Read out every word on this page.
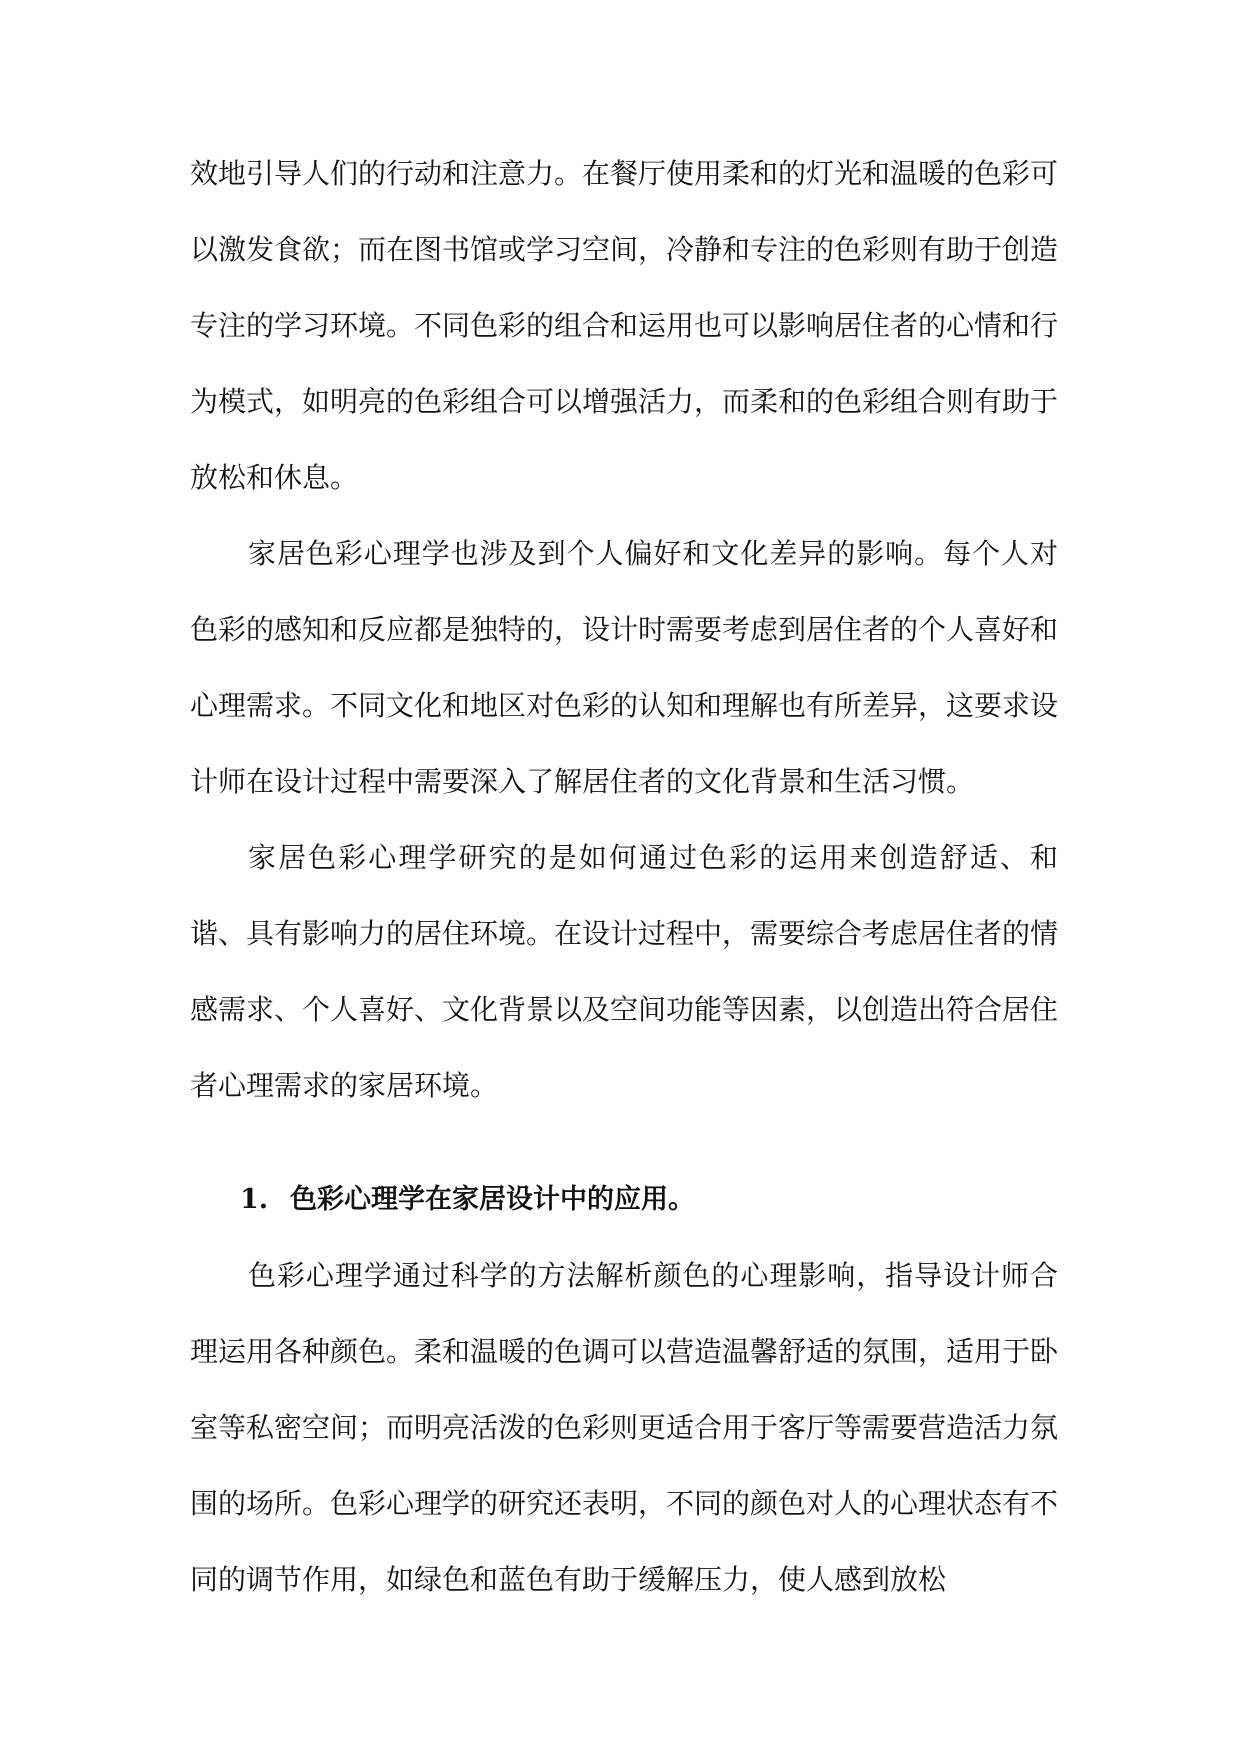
效地引导人们的行动和注意力。在餐厅使用柔和的灯光和温暖的色彩可以激发食欲；而在图书馆或学习空间，冷静和专注的色彩则有助于创造专注的学习环境。不同色彩的组合和运用也可以影响居住者的心情和行为模式，如明亮的色彩组合可以增强活力，而柔和的色彩组合则有助于放松和休息。

家居色彩心理学也涉及到个人偏好和文化差异的影响。每个人对色彩的感知和反应都是独特的，设计时需要考虑到居住者的个人喜好和心理需求。不同文化和地区对色彩的认知和理解也有所差异，这要求设计师在设计过程中需要深入了解居住者的文化背景和生活习惯。

家居色彩心理学研究的是如何通过色彩的运用来创造舒适、和谐、具有影响力的居住环境。在设计过程中，需要综合考虑居住者的情感需求、个人喜好、文化背景以及空间功能等因素，以创造出符合居住者心理需求的家居环境。

1. 色彩心理学在家居设计中的应用。

色彩心理学通过科学的方法解析颜色的心理影响，指导设计师合理运用各种颜色。柔和温暖的色调可以营造温馨舒适的氛围，适用于卧室等私密空间；而明亮活泼的色彩则更适合用于客厅等需要营造活力氛围的场所。色彩心理学的研究还表明，不同的颜色对人的心理状态有不同的调节作用，如绿色和蓝色有助于缓解压力，使人感到放松
